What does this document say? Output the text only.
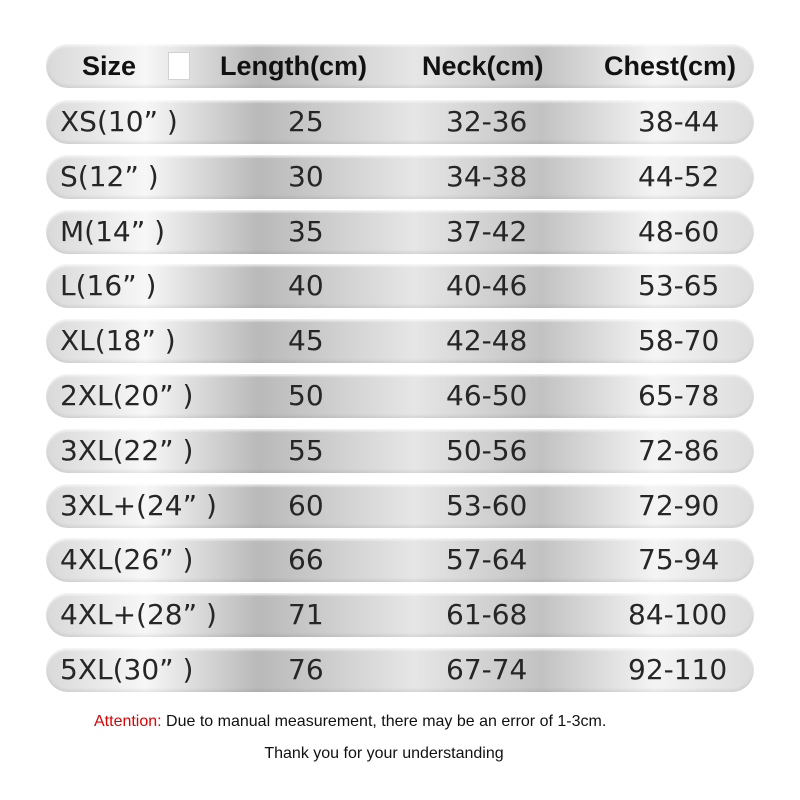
Size	Length(cm) Neck(cm) Chest(cm)
XS(10” )	25	32-36	38-44
S(12” )	30	34-38	44-52
M(14” )	35	37-42	48-60
L(16” )	40	40-46	53-65
XL(18” )	45	42-48	58-70
2XL(20” )	50	46-50	65-78
3XL(22” )	55	50-56	72-86
3XL+(24” )	60	53-60	72-90
4XL(26” )	66	57-64	75-94
4XL+(28” )	71	61-68	84-100
5XL(30” )	76	67-74	92-110
Attention: Due to manual measurement, there may be an error of 1-3cm.
Thank you for your understanding
